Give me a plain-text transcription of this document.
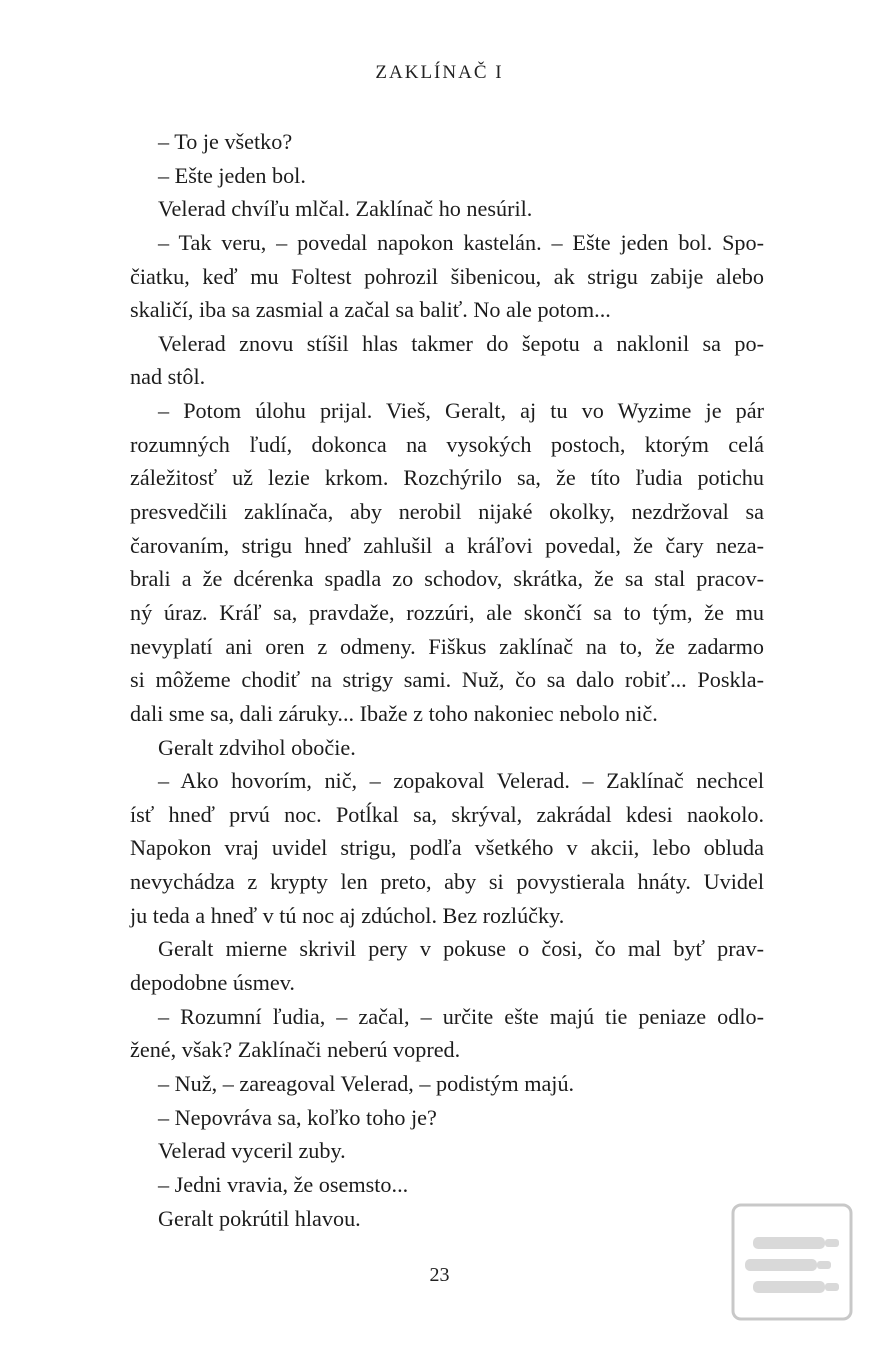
ZAKLÍNAČ I
– To je všetko?
– Ešte jeden bol.
Velerad chvíľu mlčal. Zaklínač ho nesúril.
– Tak veru, – povedal napokon kastelán. – Ešte jeden bol. Spo-
čiatku, keď mu Foltest pohrozil šibenicou, ak strigu zabije alebo
skaličí, iba sa zasmial a začal sa baliť. No ale potom...
Velerad znovu stíšil hlas takmer do šepotu a naklonil sa po-
nad stôl.
– Potom úlohu prijal. Vieš, Geralt, aj tu vo Wyzime je pár
rozumných ľudí, dokonca na vysokých postoch, ktorým celá
záležitosť už lezie krkom. Rozchýrilo sa, že títo ľudia potichu
presvedčili zaklínača, aby nerobil nijaké okolky, nezdržoval sa
čarovaním, strigu hneď zahlušil a kráľovi povedal, že čary neza-
brali a že dcérenka spadla zo schodov, skrátka, že sa stal pracov-
ný úraz. Kráľ sa, pravdaže, rozzúri, ale skončí sa to tým, že mu
nevyplatí ani oren z odmeny. Fiškus zaklínač na to, že zadarmo
si môžeme chodiť na strigy sami. Nuž, čo sa dalo robiť... Poskla-
dali sme sa, dali záruky... Ibaže z toho nakoniec nebolo nič.
Geralt zdvihol obočie.
– Ako hovorím, nič, – zopakoval Velerad. – Zaklínač nechcel
ísť hneď prvú noc. Potĺkal sa, skrýval, zakrádal kdesi naokolo.
Napokon vraj uvidel strigu, podľa všetkého v akcii, lebo obluda
nevychádza z krypty len preto, aby si povystierala hnáty. Uvidel
ju teda a hneď v tú noc aj zdúchol. Bez rozlúčky.
Geralt mierne skrivil pery v pokuse o čosi, čo mal byť prav-
depodobne úsmev.
– Rozumní ľudia, – začal, – určite ešte majú tie peniaze odlo-
žené, však? Zaklínači neberú vopred.
– Nuž, – zareagoval Velerad, – podistým majú.
– Nepovráva sa, koľko toho je?
Velerad vyceril zuby.
– Jedni vravia, že osemsto...
Geralt pokrútil hlavou.
23
